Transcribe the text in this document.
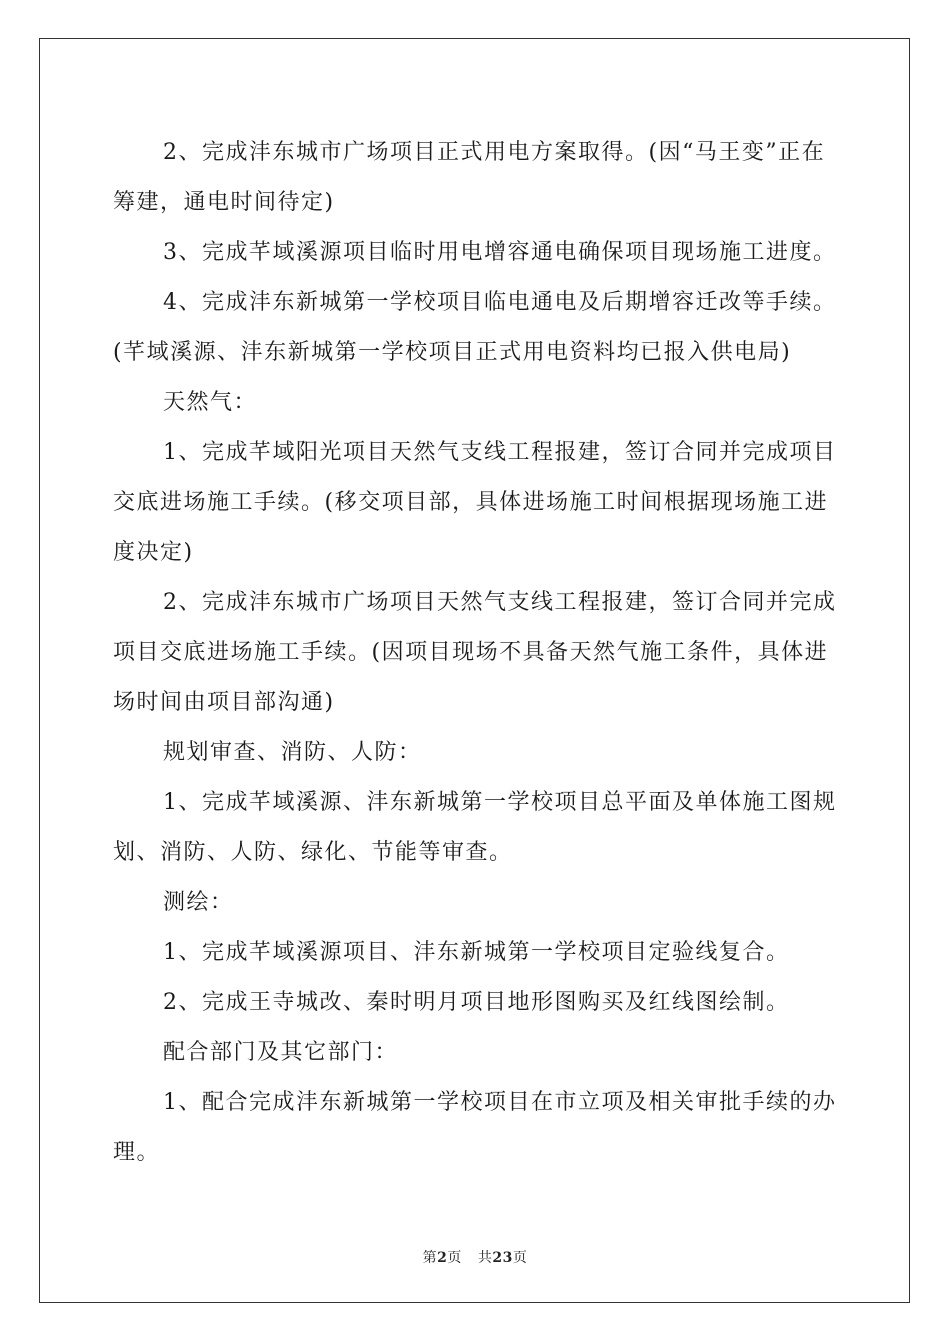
2、完成沣东城市广场项目正式用电方案取得。(因“马王变”正在筹建，通电时间待定)

3、完成芊域溪源项目临时用电增容通电确保项目现场施工进度。

4、完成沣东新城第一学校项目临电通电及后期增容迁改等手续。(芊域溪源、沣东新城第一学校项目正式用电资料均已报入供电局)

天然气：

1、完成芊域阳光项目天然气支线工程报建，签订合同并完成项目交底进场施工手续。(移交项目部，具体进场施工时间根据现场施工进度决定)

2、完成沣东城市广场项目天然气支线工程报建，签订合同并完成项目交底进场施工手续。(因项目现场不具备天然气施工条件，具体进场时间由项目部沟通)

规划审查、消防、人防：

1、完成芊域溪源、沣东新城第一学校项目总平面及单体施工图规划、消防、人防、绿化、节能等审查。

测绘：

1、完成芊域溪源项目、沣东新城第一学校项目定验线复合。

2、完成王寺城改、秦时明月项目地形图购买及红线图绘制。

配合部门及其它部门：

1、配合完成沣东新城第一学校项目在市立项及相关审批手续的办理。

第2页 共23页
